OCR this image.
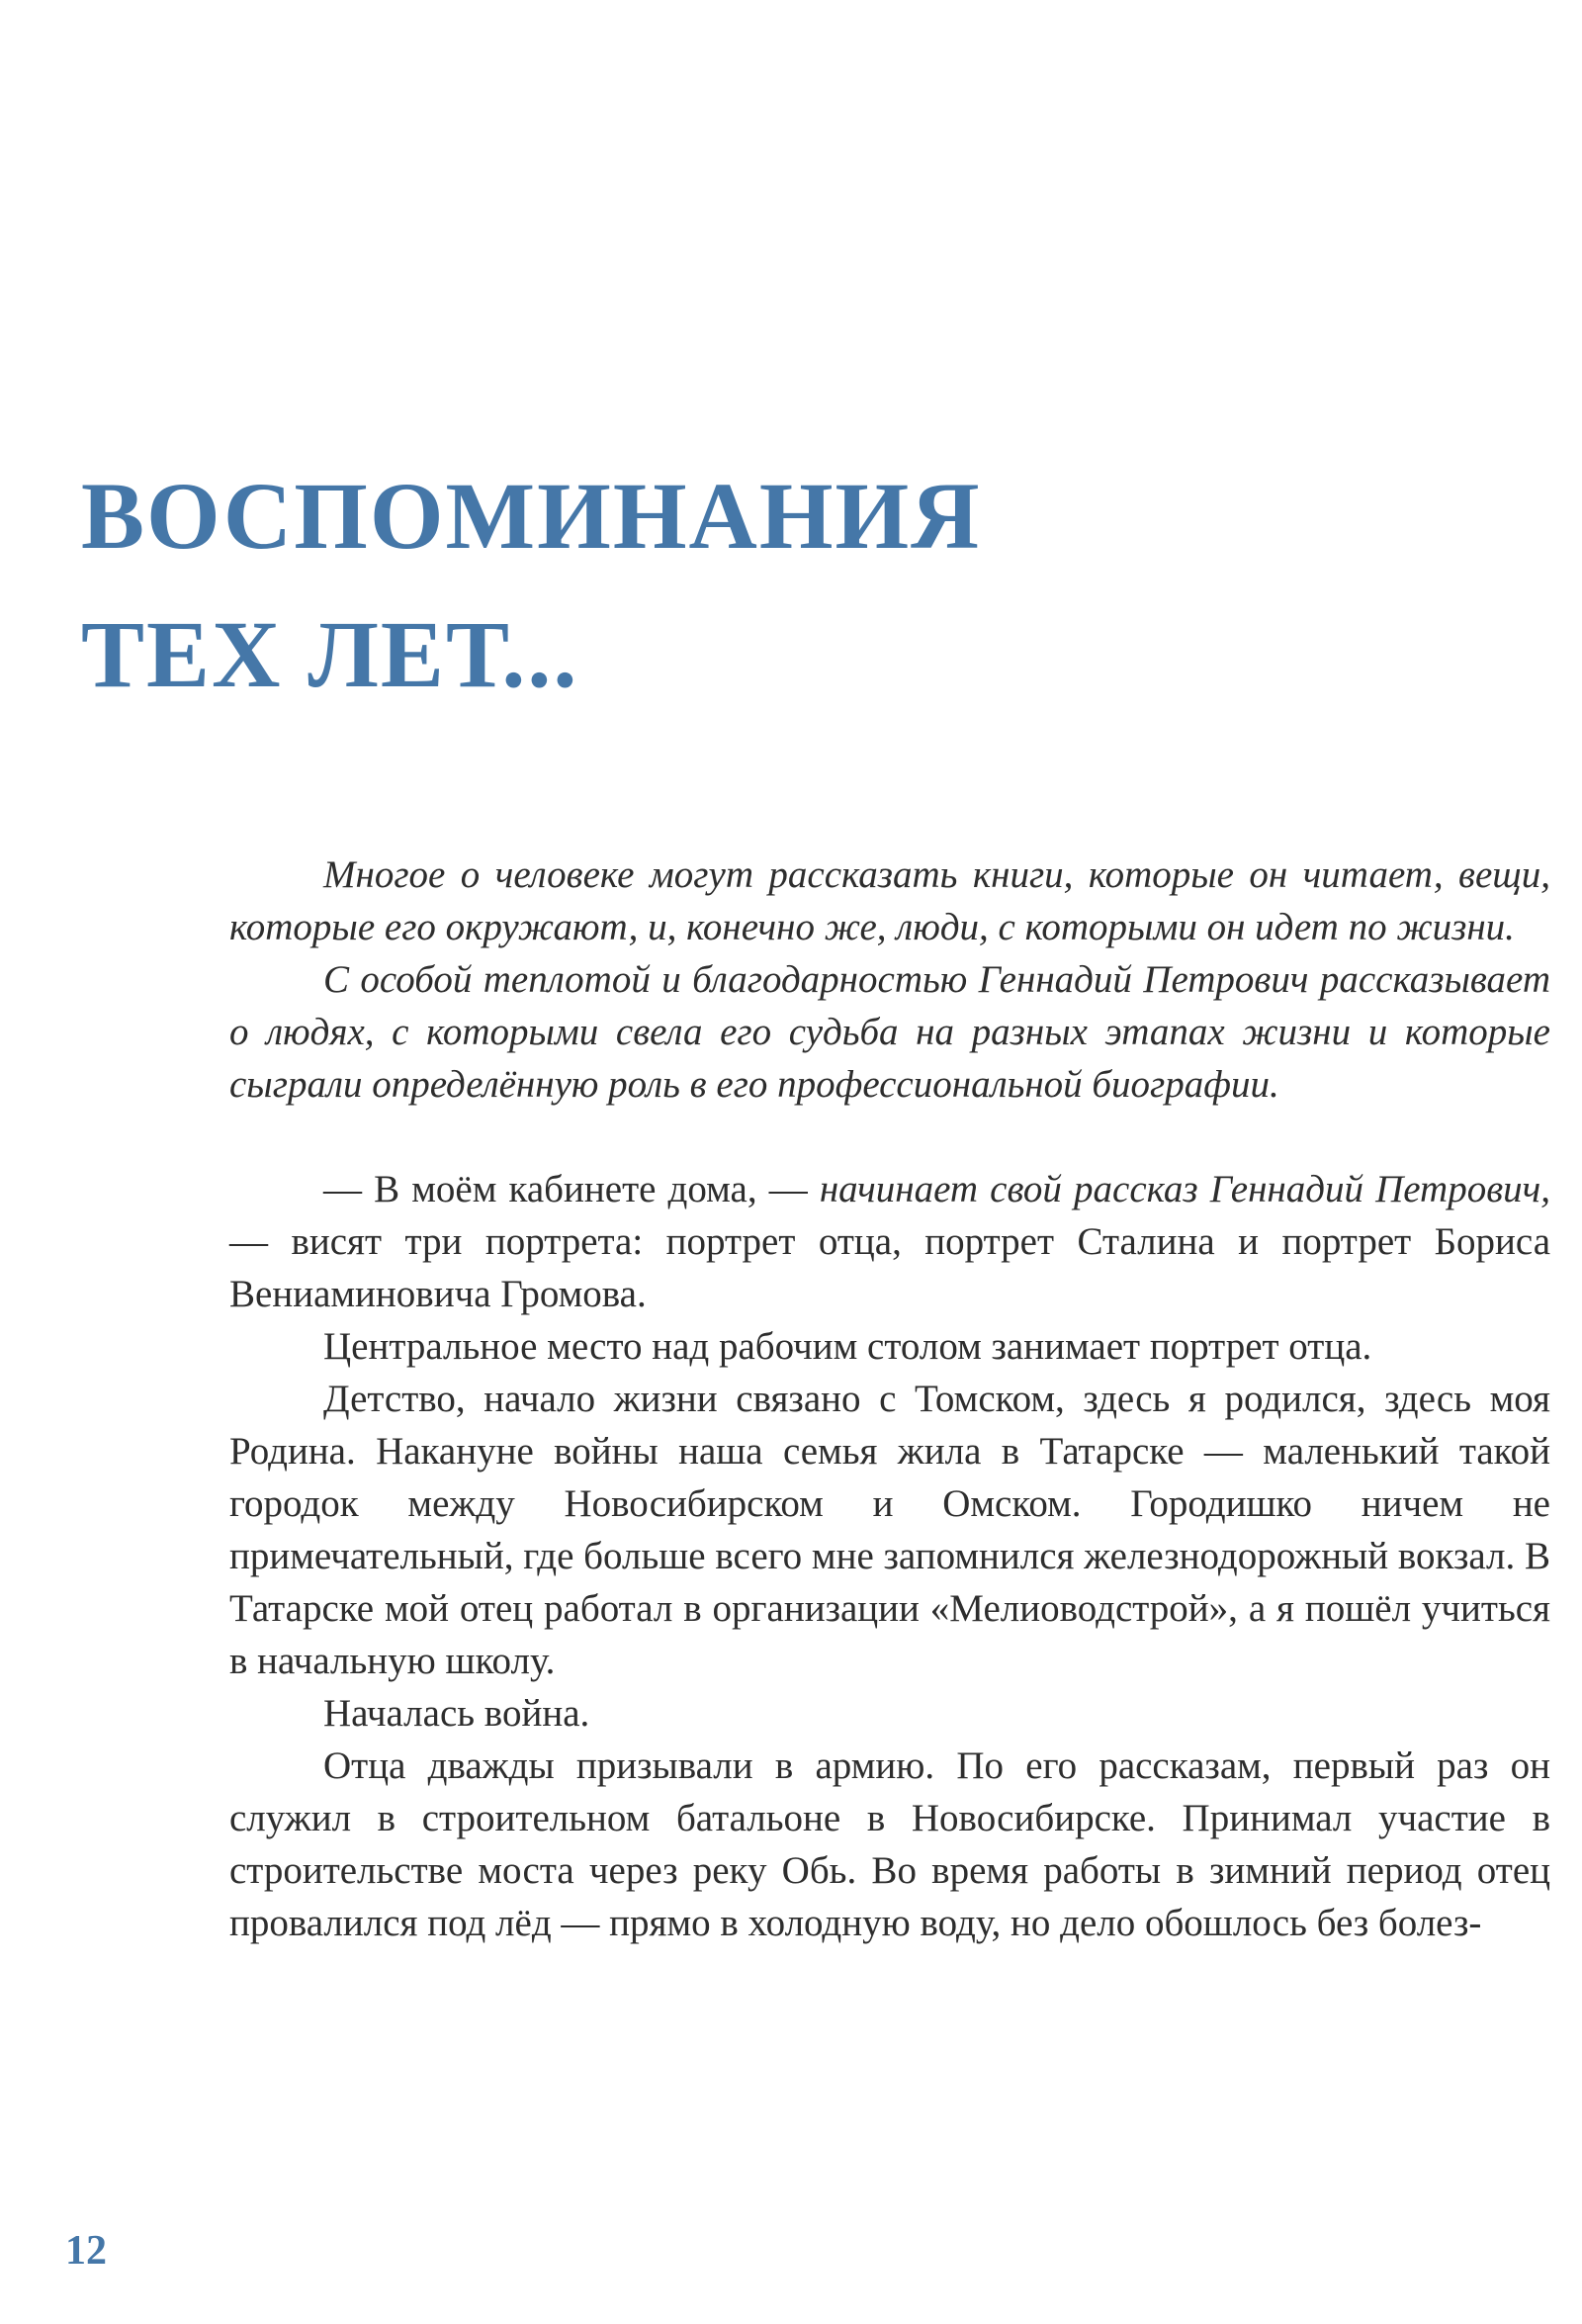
ВОСПОМИНАНИЯ
ТЕХ ЛЕТ...

Многое о человеке могут рассказать книги, которые он читает, вещи, которые его окружают, и, конечно же, люди, с которыми он идет по жизни.

С особой теплотой и благодарностью Геннадий Петрович рассказывает о людях, с которыми свела его судьба на разных этапах жизни и которые сыграли определённую роль в его профессиональной биографии.

— В моём кабинете дома, — начинает свой рассказ Геннадий Петрович, — висят три портрета: портрет отца, портрет Сталина и портрет Бориса Вениаминовича Громова.

Центральное место над рабочим столом занимает портрет отца.

Детство, начало жизни связано с Томском, здесь я родился, здесь моя Родина. Накануне войны наша семья жила в Татарске — маленький такой городок между Новосибирском и Омском. Городишко ничем не примечательный, где больше всего мне запомнился железнодорожный вокзал. В Татарске мой отец работал в организации «Мелиоводстрой», а я пошёл учиться в начальную школу.

Началась война.

Отца дважды призывали в армию. По его рассказам, первый раз он служил в строительном батальоне в Новосибирске. Принимал участие в строительстве моста через реку Обь. Во время работы в зимний период отец провалился под лёд — прямо в холодную воду, но дело обошлось без болез-

12
